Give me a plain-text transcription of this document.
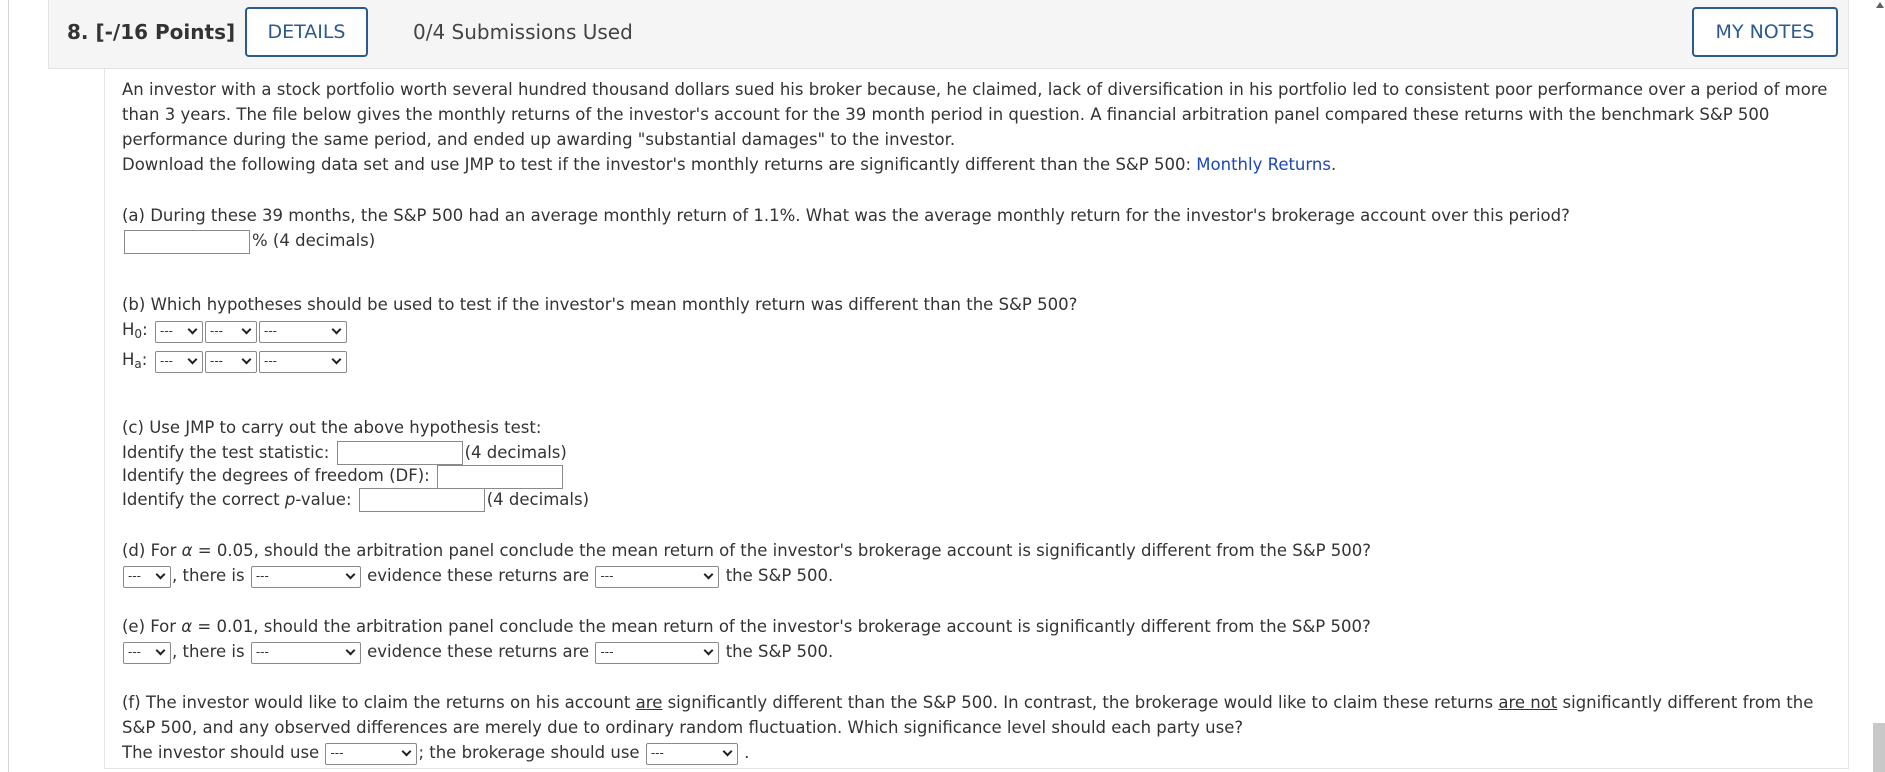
8. [-/16 Points]	DETAILS	0/4 Submissions Used	MY NOTES

An investor with a stock portfolio worth several hundred thousand dollars sued his broker because, he claimed, lack of diversification in his portfolio led to consistent poor performance over a period of more

than 3 years. The file below gives the monthly returns of the investor's account for the 39 month period in question. A financial arbitration panel compared these returns with the benchmark S&P 500

performance during the same period, and ended up awarding "substantial damages" to the investor.

Download the following data set and use JMP to test if the investor's monthly returns are significantly different than the S&P 500: Monthly Returns.

(a) During these 39 months, the S&P 500 had an average monthly return of 1.1%. What was the average monthly return for the investor's brokerage account over this period?

% (4 decimals)

(b) Which hypotheses should be used to test if the investor's mean monthly return was different than the S&P 500?

$H_0$:	---	---	---
$H_a$:	---	---	---

(c) Use JMP to carry out the above hypothesis test:

Identify the test statistic:	(4 decimals)

Identify the degrees of freedom (DF):

Identify the correct p-value:	(4 decimals)

(d) For α = 0.05, should the arbitration panel conclude the mean return of the investor's brokerage account is significantly different from the S&P 500?

--- , there is ---	evidence these returns are ---	the S&P 500.

(e) For α = 0.01, should the arbitration panel conclude the mean return of the investor's brokerage account is significantly different from the S&P 500?

--- , there is ---	evidence these returns are ---	the S&P 500.

(f) The investor would like to claim the returns on his account are significantly different than the S&P 500. In contrast, the brokerage would like to claim these returns are not significantly different from the

S&P 500, and any observed differences are merely due to ordinary random fluctuation. Which significance level should each party use?

The investor should use ---	; the brokerage should use ---	.
